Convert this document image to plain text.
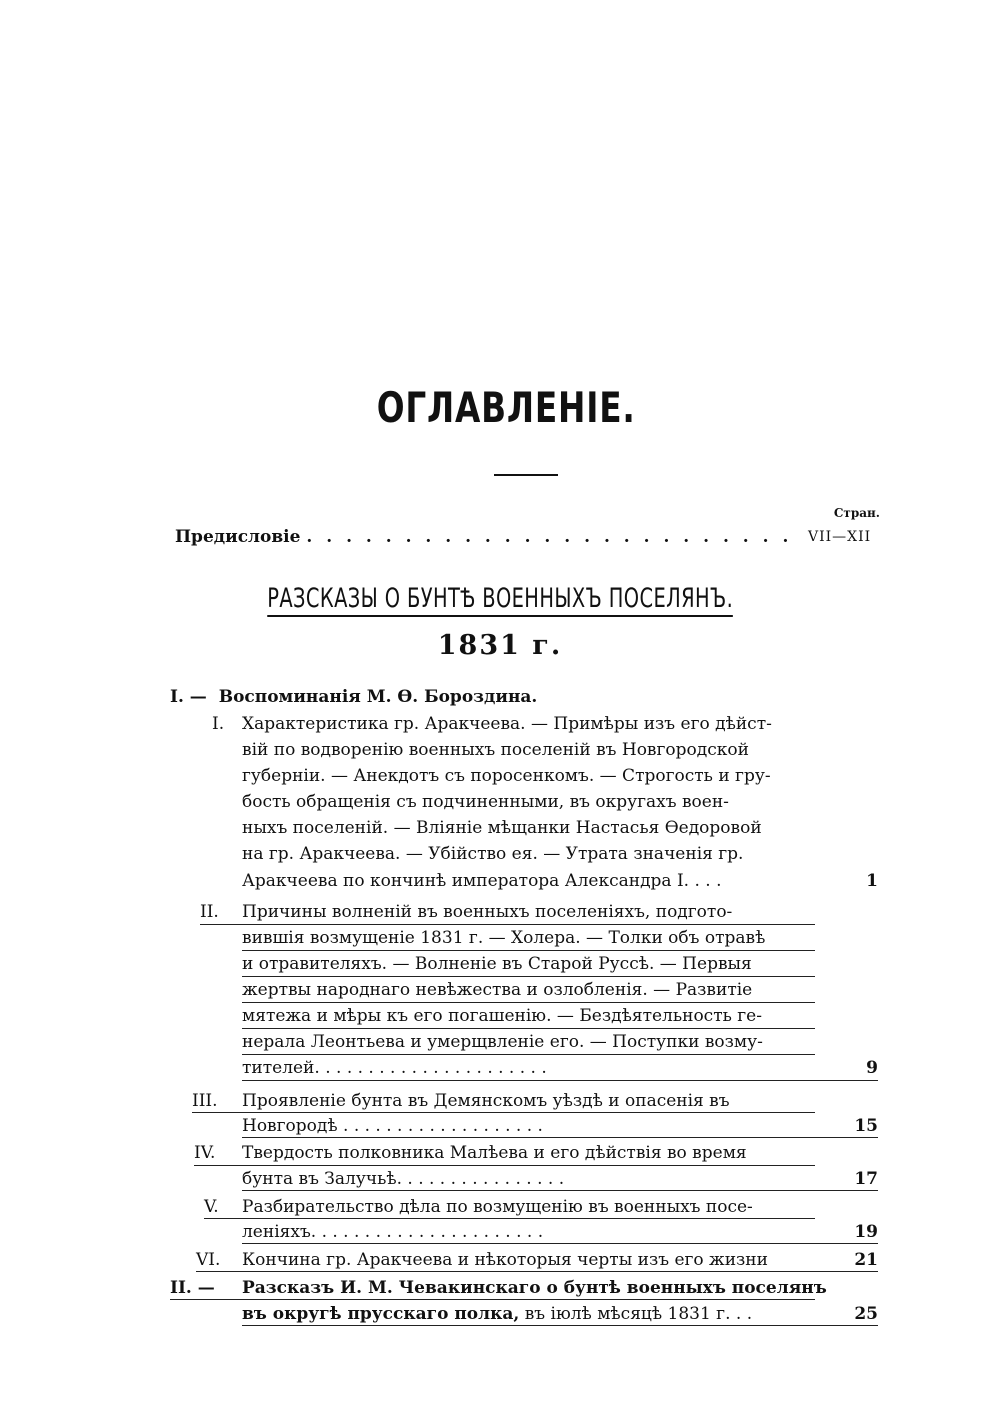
ОГЛАВЛЕНІЕ.
Стран.
Предисловіе . . . . . . . . . . . . . . . . . . . . . . . . . VII—XII
РАЗСКАЗЫ О БУНТѢ ВОЕННЫХЪ ПОСЕЛЯНЪ.
1831 г.
I. — Воспоминанія М. Ѳ. Бороздина.
I. Характеристика гр. Аракчеева. — Примѣры изъ его дѣйст-
вій по водворенію военныхъ поселеній въ Новгородской
губерніи. — Анекдотъ съ поросенкомъ. — Строгость и гру-
бость обращенія съ подчиненными, въ округахъ воен-
ныхъ поселеній. — Вліяніе мѣщанки Настасья Ѳедоровой
на гр. Аракчеева. — Убійство ея. — Утрата значенія гр.
Аракчеева по кончинѣ императора Александра I. . . .	1
II. Причины волненій въ военныхъ поселеніяхъ, подгото-
вившія возмущеніе 1831 г. — Холера. — Толки объ отравѣ
и отравителяхъ. — Волненіе въ Старой Руссѣ. — Первыя
жертвы народнаго невѣжества и озлобленія. — Развитіе
мятежа и мѣры къ его погашенію. — Бездѣятельность ге-
нерала Леонтьева и умерщвленіе его. — Поступки возму-
тителей. . . . . . . . . . . . . . . . . . . . . .	9
III. Проявленіе бунта въ Демянскомъ уѣздѣ и опасенія въ
Новгородѣ . . . . . . . . . . . . . . . . . . .	15
IV. Твердость полковника Малѣева и его дѣйствія во время
бунта въ Залучьѣ. . . . . . . . . . . . . . . .	17
V. Разбирательство дѣла по возмущенію въ военныхъ посе-
леніяхъ. . . . . . . . . . . . . . . . . . . . . .	19
VI. Кончина гр. Аракчеева и нѣкоторыя черты изъ его жизни	21
II. — Разсказъ И. М. Чевакинскаго о бунтѣ военныхъ поселянъ
въ округѣ прусскаго полка, въ іюлѣ мѣсяцѣ 1831 г. . .	25
